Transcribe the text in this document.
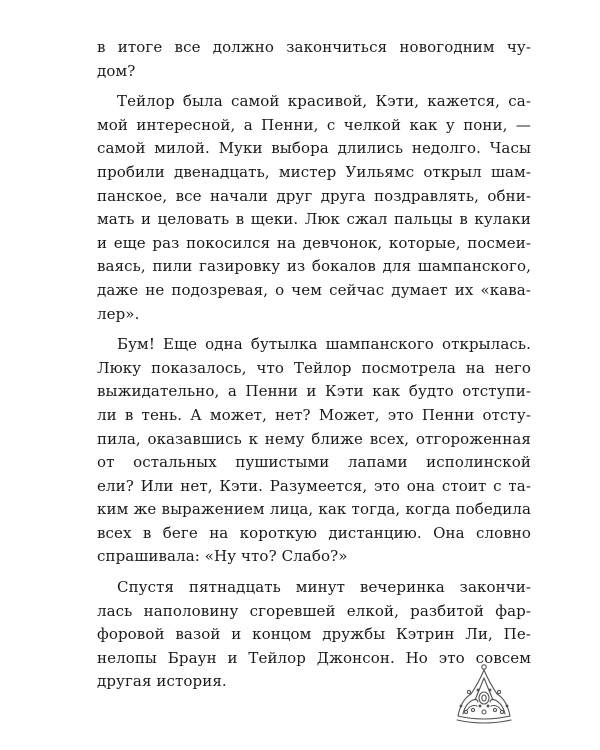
в итоге все должно закончиться новогодним чу-
дом?
Тейлор была самой красивой, Кэти, кажется, са-
мой интересной, а Пенни, с челкой как у пони, —
самой милой. Муки выбора длились недолго. Часы
пробили двенадцать, мистер Уильямс открыл шам-
панское, все начали друг друга поздравлять, обни-
мать и целовать в щеки. Люк сжал пальцы в кулаки
и еще раз покосился на девчонок, которые, посмеи-
ваясь, пили газировку из бокалов для шампанского,
даже не подозревая, о чем сейчас думает их «кава-
лер».
Бум! Еще одна бутылка шампанского открылась.
Люку показалось, что Тейлор посмотрела на него
выжидательно, а Пенни и Кэти как будто отступи-
ли в тень. А может, нет? Может, это Пенни отсту-
пила, оказавшись к нему ближе всех, отгороженная
от остальных пушистыми лапами исполинской
ели? Или нет, Кэти. Разумеется, это она стоит с та-
ким же выражением лица, как тогда, когда победила
всех в беге на короткую дистанцию. Она словно
спрашивала: «Ну что? Слабо?»
Спустя пятнадцать минут вечеринка закончи-
лась наполовину сгоревшей елкой, разбитой фар-
форовой вазой и концом дружбы Кэтрин Ли, Пе-
нелопы Браун и Тейлор Джонсон. Но это совсем
другая история.
